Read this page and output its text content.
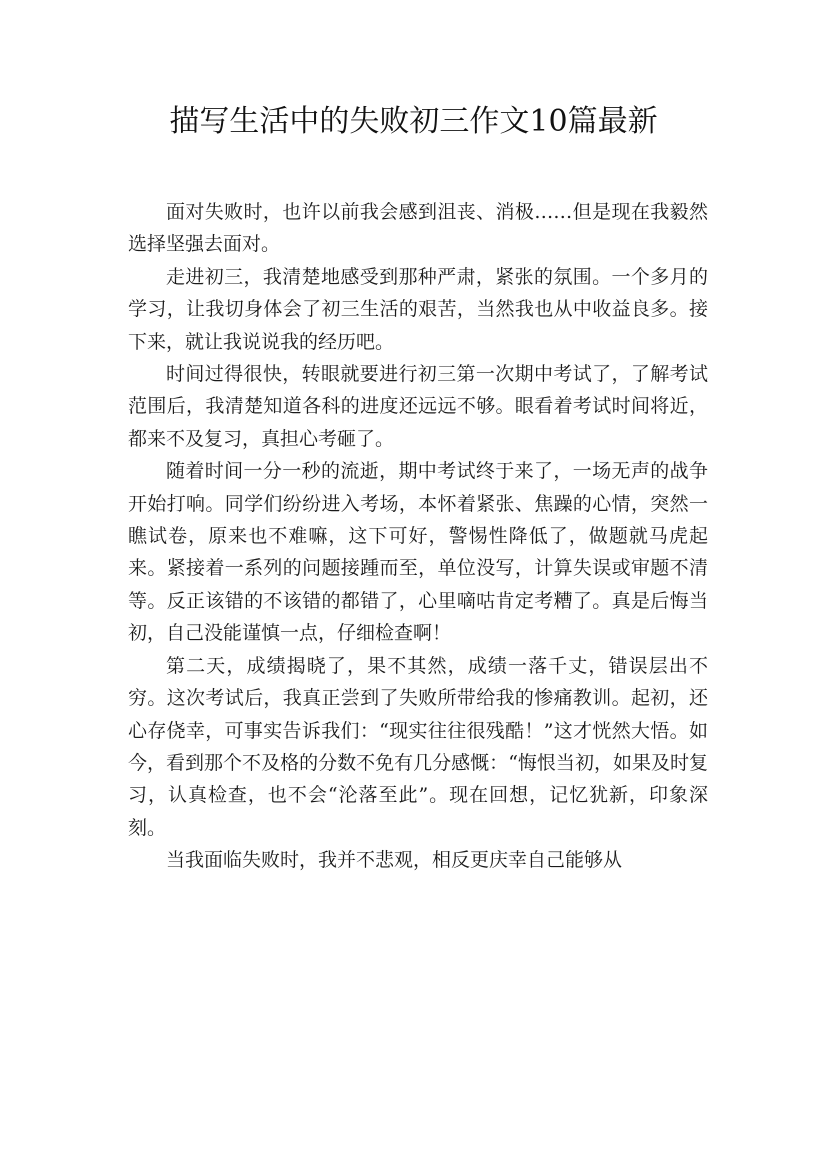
描写生活中的失败初三作文10篇最新

面对失败时，也许以前我会感到沮丧、消极……但是现在我毅然选择坚强去面对。

走进初三，我清楚地感受到那种严肃，紧张的氛围。一个多月的学习，让我切身体会了初三生活的艰苦，当然我也从中收益良多。接下来，就让我说说我的经历吧。

时间过得很快，转眼就要进行初三第一次期中考试了，了解考试范围后，我清楚知道各科的进度还远远不够。眼看着考试时间将近，都来不及复习，真担心考砸了。

随着时间一分一秒的流逝，期中考试终于来了，一场无声的战争开始打响。同学们纷纷进入考场，本怀着紧张、焦躁的心情，突然一瞧试卷，原来也不难嘛，这下可好，警惕性降低了，做题就马虎起来。紧接着一系列的问题接踵而至，单位没写，计算失误或审题不清等。反正该错的不该错的都错了，心里嘀咕肯定考糟了。真是后悔当初，自己没能谨慎一点，仔细检查啊！

第二天，成绩揭晓了，果不其然，成绩一落千丈，错误层出不穷。这次考试后，我真正尝到了失败所带给我的惨痛教训。起初，还心存侥幸，可事实告诉我们：“现实往往很残酷！”这才恍然大悟。如今，看到那个不及格的分数不免有几分感慨：“悔恨当初，如果及时复习，认真检查，也不会“沦落至此”。现在回想，记忆犹新，印象深刻。

当我面临失败时，我并不悲观，相反更庆幸自己能够从
